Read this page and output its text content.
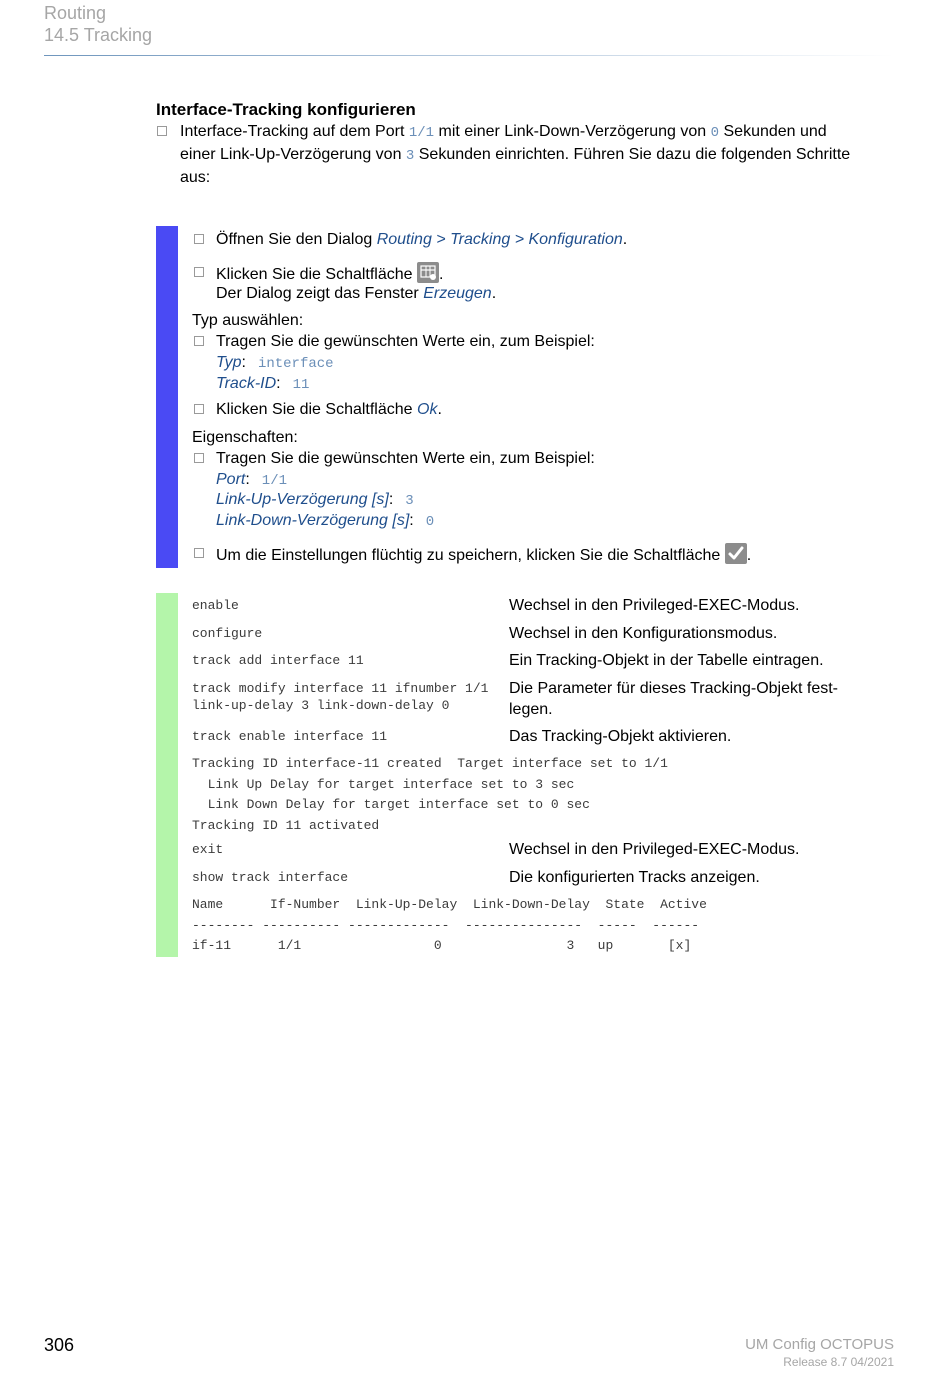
Routing
14.5 Tracking
Interface-Tracking konfigurieren
Interface-Tracking auf dem Port 1/1 mit einer Link-Down-Verzögerung von 0 Sekunden und
einer Link-Up-Verzögerung von 3 Sekunden einrichten. Führen Sie dazu die folgenden Schritte
aus:
Öffnen Sie den Dialog Routing > Tracking > Konfiguration.
Klicken Sie die Schaltfläche
.
Der Dialog zeigt das Fenster Erzeugen.
Typ auswählen:
Tragen Sie die gewünschten Werte ein, zum Beispiel:
Typ: interface
Track-ID: 11
Klicken Sie die Schaltfläche Ok.
Eigenschaften:
Tragen Sie die gewünschten Werte ein, zum Beispiel:
Port: 1/1
Link-Up-Verzögerung [s]: 3
Link-Down-Verzögerung [s]: 0
Um die Einstellungen flüchtig zu speichern, klicken Sie die Schaltfläche
.
enable	Wechsel in den Privileged-EXEC-Modus.
configure	Wechsel in den Konfigurationsmodus.
track add interface 11	Ein Tracking-Objekt in der Tabelle eintragen.
track modify interface 11 ifnumber 1/1
link-up-delay 3 link-down-delay 0
Die Parameter für dieses Tracking-Objekt fest-
legen.
track enable interface 11	Das Tracking-Objekt aktivieren.
Tracking ID interface-11 created  Target interface set to 1/1
Link Up Delay for target interface set to 3 sec
Link Down Delay for target interface set to 0 sec
Tracking ID 11 activated
exit	Wechsel in den Privileged-EXEC-Modus.
show track interface	Die konfigurierten Tracks anzeigen.
Name      If-Number  Link-Up-Delay  Link-Down-Delay  State  Active
-------- ---------- -------------  ---------------  -----  ------
if-11      1/1                 0                3   up       [x]
306	UM Config OCTOPUS
Release 8.7 04/2021
